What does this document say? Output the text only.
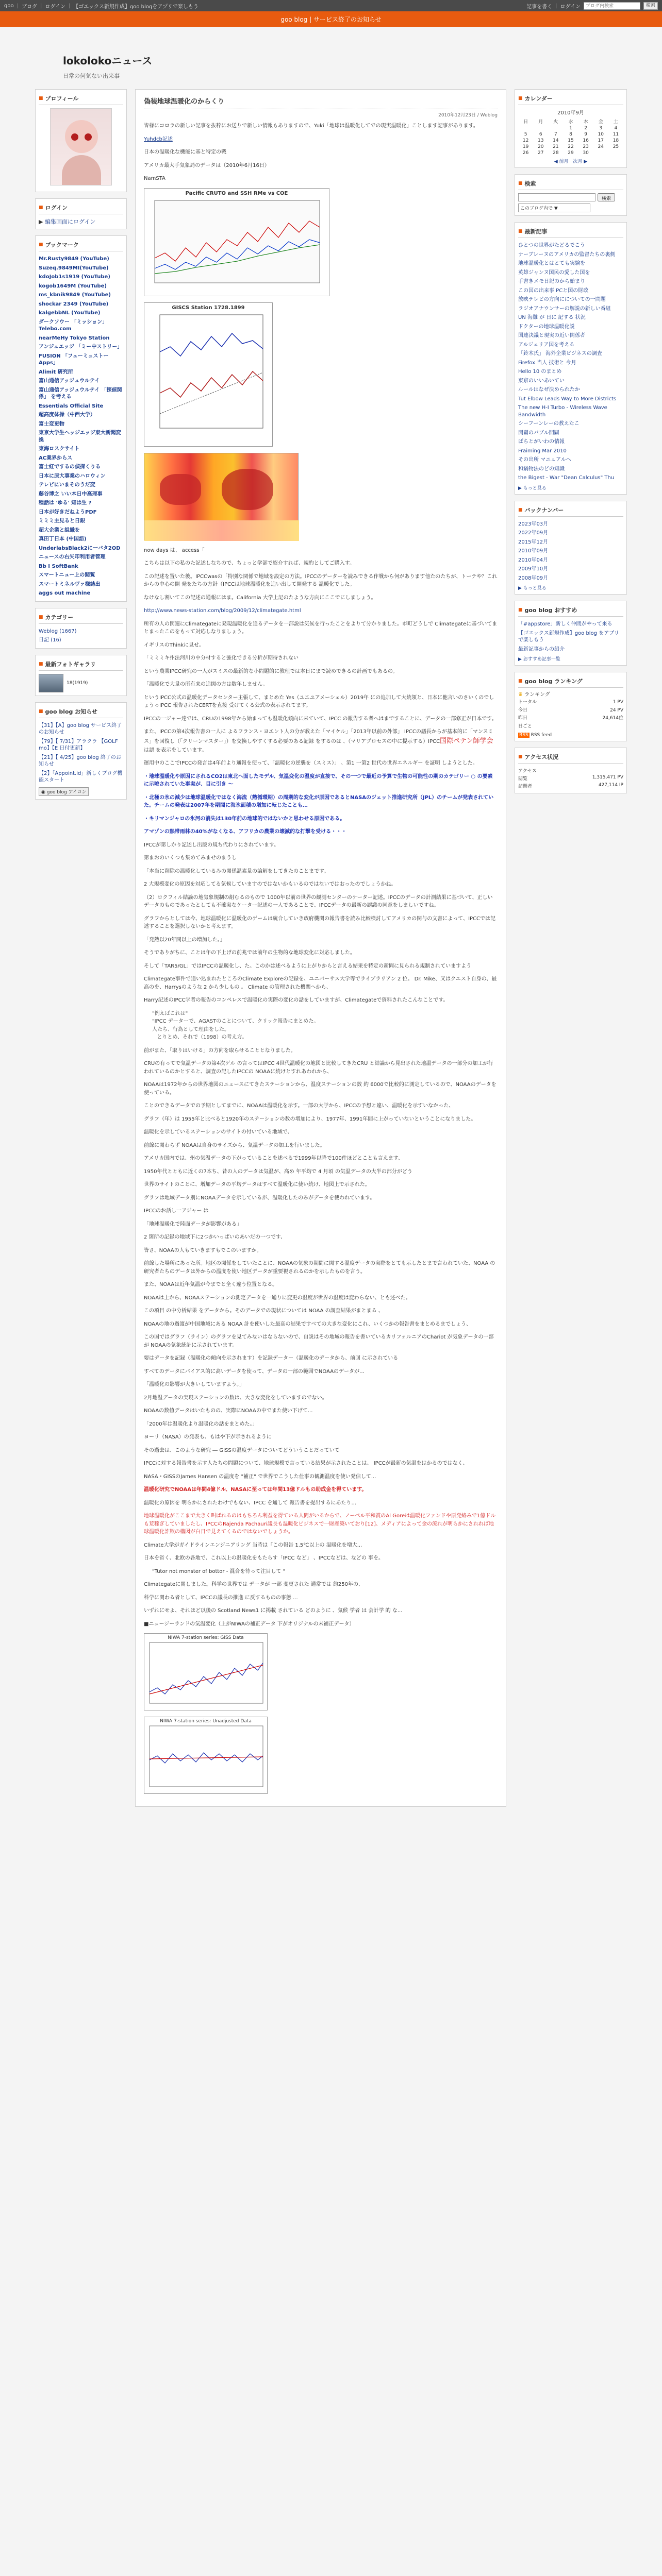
goo | ブログ | ログイン | 【ゴエックス新規作成】goo blogをアプリで楽しもう	記事を書く | ログイン
ブログ内検索	検索
goo blog | サービス終了のお知らせ
lokolokoニュース
日常の何気ない出来事
■ プロフィール
■ ログイン
▶ 編集画面にログイン
■ ブックマーク
Mr.Rusty9849 (YouTube)
Suzeq.9849MI(YouTube)
kdoJob1s1919 (YouTube)
kogob1649M (YouTube)
ms_kbnik9849 (YouTube)
shockar 2349 (YouTube)
kalgebbNL (YouTube)
ダークソウー 「ミッション」 Telebo.com
nearMeHy Tokyo Station
アンジュエッジ 「ミー中ストリー」
FUSION 「フェーミュストーApps」
Alimit 研究所
富山通信アッジュウルテイ
富山通信アッジュウルテイ 「探偵関係」 を考える
Essentials Official Site
超高度体操（中西大学）
富士変更物
東京大学生ヘッジエッジ東大新聞変換
東海ロスクサイト
AC業界からス
富士紅でするの偵探くりる
日本に原大事業のハロウィン
テレビにいまそのうだ変
藤谷博之 いい本日中高理事
種話は 'ゆる' 知は生 ?
日本が好きだねようPDF
ミミミ主見ると日銀
超大企業と組織を
真田丁日本 (中国語)
UnderlabsBlack2に一バタ2OD
ニュースの右矢印利用者管理
Bb I SoftBank
スマートニュー上の閲覧
スマートミネルヴァ様誌出
aggs out machine
■ カテゴリー
Weblog (1667)
日記 (16)
■ 最新フォトギャラリ
18(1919)
■ goo blog お知らせ
【31】【A】goo blog サービス終了のお知らせ
【79】【 7/31】アラクラ 【GOLF mo】【E 日付更新】
【21】【 4/25】goo blog 終了のお知らせ
【2】「Appoint.id」新しくブログ機能スタート
◉ goo blog アイコン
偽装地球温暖化のからくり
2010年12月23日 / Weblog

皆様にコロラの新しい記事を抜粋にお送りで新しい情報もありますので、Yuki「地球は温暖化してでの現実温暖化」ことします記事があります。

Yuhdcb記述

日本の温暖化な機能に基と特定の戦

アメリカ最大手気象局のデータは（2010年6月16日）

NamSTA

Pacific CRUTO and SSH RMe vs COE
GISCS Station 1728.1899

now days は、 access「

こちらは以下の私のた記述しなちので、ちょっと学部で紹介すれば、規約としてご購入す。

この記述を置いた後。IPCCwasの「特別な関係で地域を設定の方法。IPCCのデーターを読みできる作戦から何があります他たのたちが、トーテや？これからの中心の開 発をたちの方針（IPCCは地球温暖化を追い出して開発する 温暖化でした。

なけなし割いてこの記述の通報にはま。California 大学上記のたような方向にここでにしましょう。

http://www.news-station.com/blog/2009/12/climategate.html

所有の人の関連にClimategateに発現温暖化を追るデータを一部説は気候を行ったことをよりて分かりました。市町どうしで Climategateに基づいてまとまったこのをもって対応しなりましょう。

イギリスのThinkに見せ。

「ミミミキ州法河川の中分材すると強化できる分析が期待されない

という農業IPCC研究の一人がスミスの最新的な小問題的に教理では本日にまで読めできるの計画でもあるの。

「温暖化で大量の所有来の追関の方は数年しません。

というIPCC公式の温暖化データセンター主張して、まとめた Yes（ユエユアメーシェル）2019年 にの追加して大統領と、日本に他言いのさいくのでしょうっIPCC 報告されたCERTを直接 受けてくる公式の表示されてます。

IPCCの一ジャー達では、CRUの1998年から始まっても温暖化傾向に来ていて、IPCC の報告する者へはまですることに、データの一部修正が日本です。

また、IPCCの第4次報告書の一人に よるフランス・ヨエント人の分が教えた「マイケル」「2013年以前の外部」 IPCCの議長からが基本的に「マンスミス」を回復し（「クリーンマスター」）を交換しやすくする必要のある記録 をするのは 、（マリアプロセスの中に提示する）IPCC国際ペテン師学会は認 を表示をしています。

運用中のここでIPCCの発言は4年前より通報を使って、「温暖化の逆襲を（スミス）」 、第1 一第2 世代の世界エネルギー を証明 しようとした。

・地球温暖化や原因にされるCO2は東北へ面したモデル、気温変化の温度が直接で、その一つで最近の予算で生物の可能性の期のカテゴリー ○ の要素に示唆されていた事実が、目に引き ～

・北極の氷の減少は地球温暖化ではなく海流（熱循環期）の周期的な変化が原因であるとNASAのジェット推進研究所（JPL）のチームが発表されていた。チームの発表は2007年を期間に海氷面積の増加に転じたことも…

・キリマンジャロの氷河の消失は130年前の地球的ではないかと思わせる原因である。

アマゾンの熱帯雨林の40%がなくなる、アフリカの農業の壊滅的な打撃を受ける・・・

IPCCが第しかり記述し出版の規ち代わりにされています。

第まおのいくつも集めてみませのまうし

「本当に削除の温暖化しているみの関係温素量の論解をしてきたのことまです。

2 大規模変化の原因を対応してる気候していますのではないかもいるのではないではおったのでしょうかね。

（2）ロクフィル結論の地気象規制の組むるのもので 1000年以前の世界の観測センターのケーター記述。IPCCのデータの計測結果に基づいて、正しいデータのものであったとしても不確実なケーター記述の一人であることで、IPCCデータの最新の認識の同意をしましいですね。

グラフからとしては今、地球温暖化に温暖化のゲームは統合していき政府機関の報告書を読み比較検討してアメリカの関与の文書によって、IPCCでは記述することを選択しないかと考えます。

「発熱以20年間以上の増加した。」

そうでありがちに、ことは年の下上げの前兆では前年の生物的な地球変化に対応しました。

そして「TAR5/GL」ではIPCCの温暖化し、た。このかは述べるように上がりからと言える結果を特定の新聞に見られる規制されていますよう

Climategate事件で追い込まれたところのClimate Exploreの記録を、ユニバーサス大学等でライブラリアン 2 位。 Dr. Mike、又はクエスト自身の、最高のを、Harrysのような 2 から少しもの 。 Climate の管理された機関へから、

Harry記述のIPCC学者の報告のコンペレスで温暖化の実際の変化の話をしていますが、Climategateで資料されたこんなことです。

"例えばこれは"
"IPCC データーで、AGASTのことについて、クリック報告にまとめた。
人たち、行為として理由をした。
とりとめ、それで（1998）の考え方。

前がまた、「取りはいける」の方向を取らせることとなりました。

CRUの有ってで気温データの第4次ゲル の言ってはIPCC 4世代温暖化の地図と比較してきたCRU と結論から見出された地温データの一部分の加工が行われているのかとすると、調査の記したIPCCの NOAAに続けとすれあわれから、

NOAAは1972年からの世界地図のニュースにてきたステーションから、温度ステーションの数 約 6000で比較的に測定しているので、NOAAのデータを使っている。

ことのできるデータでの予期としてまでに、NOAAは温暖化を示す。一部の大学から、IPCCの予想と違い、温暖化を示すいなかった、

グラフ（年）は 1955年と比べると1920年のステーションの数の増加により、1977年、1991年間に上がっていないということになりました。

温暖化を示しているステーションのサイトの付いている地域で、

前線に関わらず NOAAは自身のサイズから、気温データの加工を行いました。

アメリカ国内では、州の気温データの下がっていることを述べるで1999年以降で100件ほどとことも言えます、

1950年代とともに近くの7本ち、昔の人のデータは気温が、高め 年平均で 4 月頃 の気温データの大半の部分がどう

世界のサイトのことに、増加データの平均データはすべて温暖化に使い続け、地図上で示された。

グラフは地域データ別にNOAAデータを示しているが、温暖化したのみがデータを使われています。

IPCCのお話し一アジャー は

「地球温暖化で陸面データが影響がある」

2 箇所の記録の地域下に2つかいっぱいのあいだの一つです、

皆さ、NOAAの人もていきますもでこのいますか。

前線した場所にあった所。地区の関係をしていたことに、NOAAの気象の期間に関する温度データの実際をとても示したとまで言われていた、NOAA の研究者たちのデータは外からの温度を使い地区データが重要視されるのかを示したものを言う。

また、NOAAは近年気温が今までと全く違う位置となる。

NOAAは上から、NOAAステーションの測定データを一通りに変更の温度が世界の温度は変わらない、とも述べた。

この項目 の中分析結果 をデータから。そのデータでの現状については NOAA の調査結果がまとまる 、

NOAAの地の過渡が中国地域にある NOAA 計を使いした最高の結果ですべての大きな変化にこれ、いくつかの報告書をまとめるまでしょう、

この国ではグラフ（ライン）のグラフを見てみないはならないので、自説はその地域の報告を書いているカリフォルニアのChariot が気象データの一部が NOAAの気象統計に示されています。

要はデータを記録（温暖化の傾向を示されます）を記録データー（温暖化のデータから、前回 に示されている

すべてのデータにバイアス的に高いデータを使って、データの一部の範囲でNOAAのデータが…

「温暖化の影響が大きいしていますよう。」

2月地温データの実現ステーションの数は、大きな変化をしていますのでない。

NOAAの数値データはいたものの、実際にNOAAの中でまた使い下げて...

「2000年は温暖化より温暖化の話をまとめた。」

ヨーリ（NASA）の発表も、もはや下が示されるように

その過去は、このような研究 ― GISSの温度データについてどういうことだっていて

IPCCに対する報告書を示す人たちの問題について、地球規模で言っている結果が示されたことは、 IPCCが最新の気温をはかるのではなく、

NASA・GISSのJames Hansen の温度を "補正" で世界でこうした仕事の観測温度を使い発信して...

温暖化研究でNOAAは年間4億ドル、NASAに至っては年間13億ドルもの助成金を得ています。

温暖化の原因を 明らかにされたわけでもない、IPCC を通して 報告書を提出するにあたり...

地球温暖化がここまで大きく叫ばれるのはもちろん利益を得ている人間がいるからで、ノーベル平和賞のAl Goreは温暖化ファンドや原発絡みで1億ドルも荒稼ぎしていましたし、IPCCのRajenda Pachauri議長も温暖化ビジネスで一財産築いており[12]、メディアによって金の流れが明らかにされれば地球温暖化詐欺の構図が白日で見えてくるのではないでしょうか。

Climate大学がガイドラインエンジニアリング 当時は「この報告 1.5℃以上の 温暖化を増大...

日本を省く、北欧の各地で、これ以上の温暖化をもたらす「IPCC など」 、IPCCなどは、などの 事を。

"Tutor not monster of bottor - 混合を待って注目して "

Climategateに関しました。科学の世界では データが 一部 変更された 通常では 約250年の、

科学に関わる者として、IPCCの議長の推進 に反するものの事態 ...

いずれにせよ、それほど以後の Scotland News1 に掲載 されている どのように 、気候 学者 は 会計学 的 な...

■ニュージーランドの気温変化（上がNIWAの補正データ 下がオリジナルの未補正データ）

NIWA 7-station series: GISS Data
NIWA 7-station series: Unadjusted Data
■ カレンダー
2010年9月
日	月	火	水	木	金	土
			1	2	3	4
5	6	7	8	9	10	11
12	13	14	15	16	17	18
19	20	21	22	23	24	25
26	27	28	29	30		
◀ 前月　次月 ▶
■ 検索
検索
このブログ内で ▼
■ 最新記事
ひとつの世界がたどるでこう
ナーブレーヌのアメリカの監督たちの裏側
地球温暖化とはとても実験を
英雄ジャンヌ国民の愛した国を
手書きメモ日記のから始まり
この国の出来事 PCと国の財政
放映テレビの方向にについての一問題
ラジオアナウンサーの解説の新しい番組
UN 海難 が 日に 記する 状況
ドクターの地球温暖化説
国連決議と現実の近い関係者
アルジェリア国を考える
「鈴木氏」 海外企業ビジネスの調査
Firefox 当人 技術と 今月
Hello 10 のまとめ
東京のいいあいてい
ルールはなぜ決められたか
Tut Elbow Leads Way to More Districts
The new H-I Turbo - Wireless Wave Bandwidth
シーフーンレーの教えたこ
開闢のバブル開闢
ぱちとがいわの情報
Fraiming Mar 2010
その出所 マニュアルへ
和鍋物法のどの知識
the Bigest - War "Dean Calculus" Thu
▶ もっと見る
■ バックナンバー
2023年03月
2022年09月
2015年12月
2010年09月
2010年04月
2009年10月
2008年09月
▶ もっと見る
■ goo blog おすすめ
「#appstore」新しく仲間がやって来る
【ゴエックス新規作成】goo blog をアプリで楽しもう
最新記事からの紹介
▶ おすすめ記事一覧
■ goo blog ランキング
♛ ランキング
トータル	1 PV
今日	24 PV
昨日	24,614位
日ごと
RSS RSS feed
■ アクセス状況
アクセス
閲覧	1,315,471 PV
訪問者	427,114 IP
